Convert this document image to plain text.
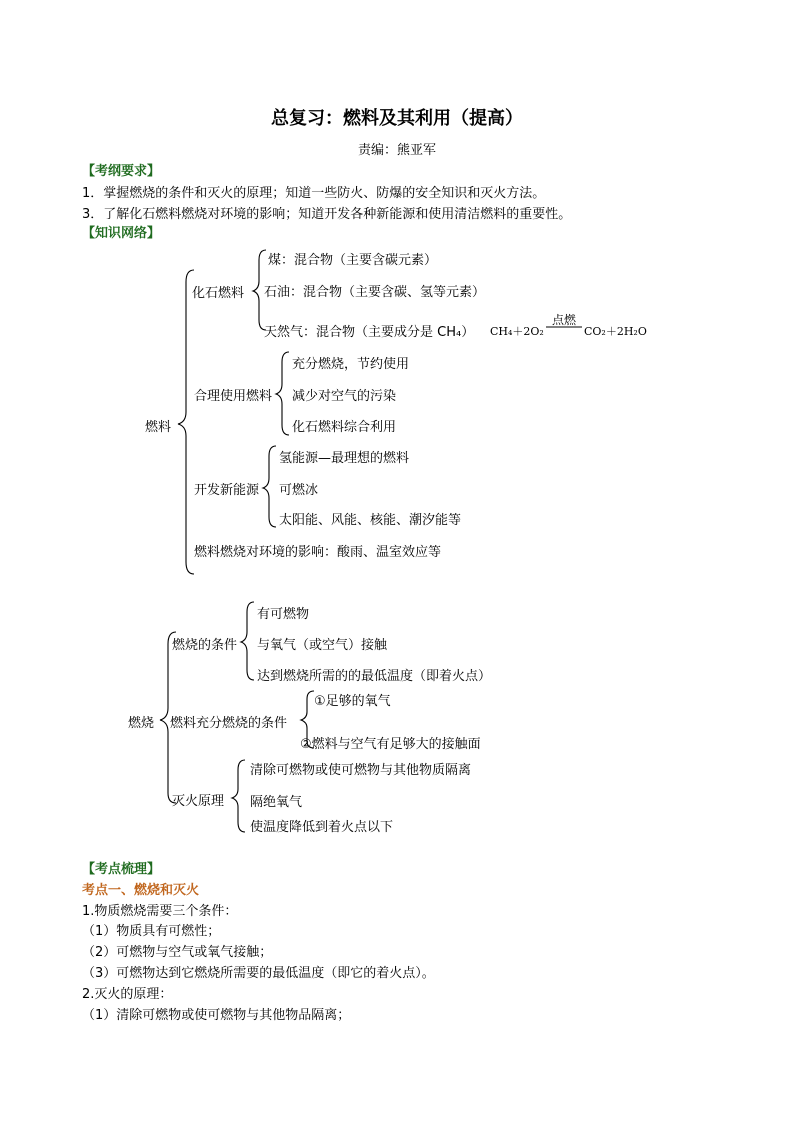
总复习：燃料及其利用（提高）
责编：熊亚军
【考纲要求】
1．掌握燃烧的条件和灭火的原理；知道一些防火、防爆的安全知识和灭火方法。
3．了解化石燃料燃烧对环境的影响；知道开发各种新能源和使用清洁燃料的重要性。
【知识网络】
燃料
化石燃料
煤：混合物（主要含碳元素）
石油：混合物（主要含碳、氢等元素）
天然气：混合物（主要成分是 CH₄） CH₄＋2O₂
点燃
CO₂＋2H₂O
合理使用燃料
充分燃烧，节约使用
减少对空气的污染
化石燃料综合利用
开发新能源
氢能源—最理想的燃料
可燃冰
太阳能、风能、核能、潮汐能等
燃料燃烧对环境的影响：酸雨、温室效应等
燃烧
燃烧的条件
有可燃物
与氧气（或空气）接触
达到燃烧所需的的最低温度（即着火点）
燃料充分燃烧的条件
①足够的氧气
②燃料与空气有足够大的接触面
灭火原理
清除可燃物或使可燃物与其他物质隔离
隔绝氧气
使温度降低到着火点以下
【考点梳理】
考点一、燃烧和灭火
1.物质燃烧需要三个条件：
（1）物质具有可燃性；
（2）可燃物与空气或氧气接触；
（3）可燃物达到它燃烧所需要的最低温度（即它的着火点）。
2.灭火的原理：
（1）清除可燃物或使可燃物与其他物品隔离；
